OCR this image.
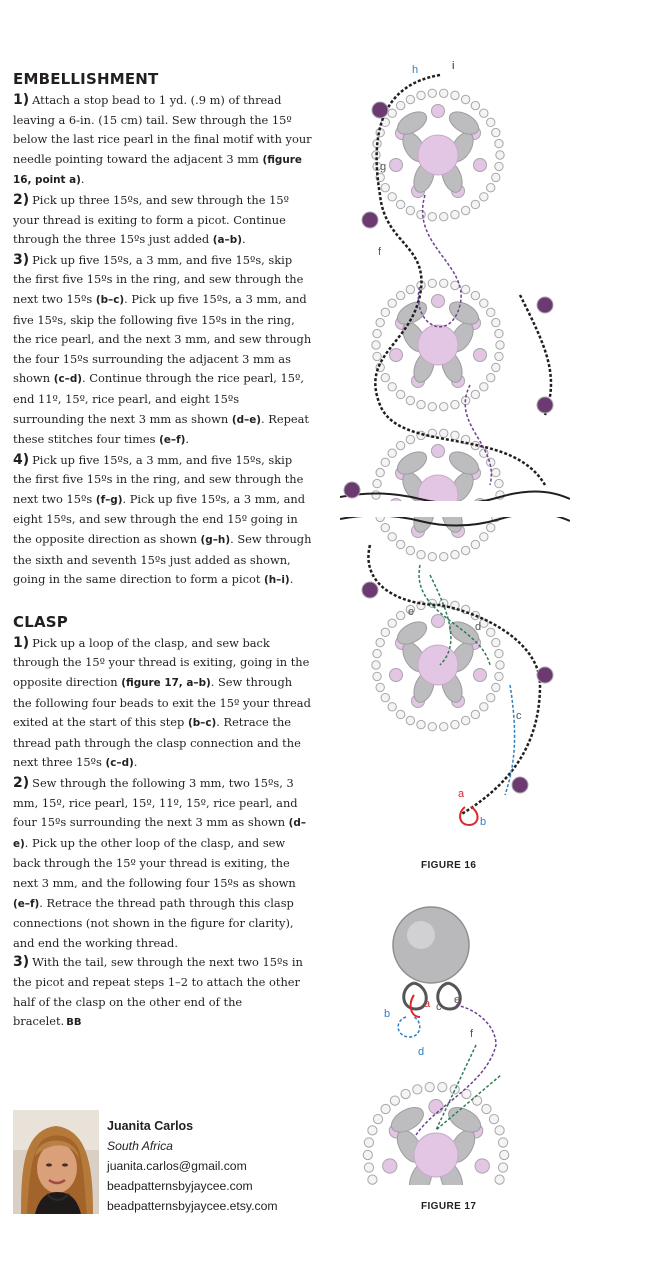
EMBELLISHMENT

1) Attach a stop bead to 1 yd. (.9 m) of thread leaving a 6-in. (15 cm) tail. Sew through the 15º below the last rice pearl in the final motif with your needle pointing toward the adjacent 3 mm (figure 16, point a).

2) Pick up three 15ºs, and sew through the 15º your thread is exiting to form a picot. Continue through the three 15ºs just added (a–b).

3) Pick up five 15ºs, a 3 mm, and five 15ºs, skip the first five 15ºs in the ring, and sew through the next two 15ºs (b–c). Pick up five 15ºs, a 3 mm, and five 15ºs, skip the following five 15ºs in the ring, the rice pearl, and the next 3 mm, and sew through the four 15ºs surrounding the adjacent 3 mm as shown (c–d). Continue through the rice pearl, 15º, end 11º, 15º, rice pearl, and eight 15ºs surrounding the next 3 mm as shown (d–e). Repeat these stitches four times (e–f).

4) Pick up five 15ºs, a 3 mm, and five 15ºs, skip the first five 15ºs in the ring, and sew through the next two 15ºs (f–g). Pick up five 15ºs, a 3 mm, and eight 15ºs, and sew through the end 15º going in the opposite direction as shown (g–h). Sew through the sixth and seventh 15ºs just added as shown, going in the same direction to form a picot (h–i).

CLASP

1) Pick up a loop of the clasp, and sew back through the 15º your thread is exiting, going in the opposite direction (figure 17, a–b). Sew through the following four beads to exit the 15º your thread exited at the start of this step (b–c). Retrace the thread path through the clasp connection and the next three 15ºs (c–d).

2) Sew through the following 3 mm, two 15ºs, 3 mm, 15º, rice pearl, 15º, 11º, 15º, rice pearl, and four 15ºs surrounding the next 3 mm as shown (d–e). Pick up the other loop of the clasp, and sew back through the 15º your thread is exiting, the next 3 mm, and the following four 15ºs as shown (e–f). Retrace the thread path through this clasp connections (not shown in the figure for clarity), and end the working thread.

3) With the tail, sew through the next two 15ºs in the picot and repeat steps 1–2 to attach the other half of the clasp on the other end of the bracelet. BB

Juanita Carlos
South Africa
juanita.carlos@gmail.com
beadpatternsbyjaycee.com
beadpatternsbyjaycee.etsy.com
a
b
c
d
e
f
g
h	i
FIGURE 16
a
b
c
d
e
f
FIGURE 17
